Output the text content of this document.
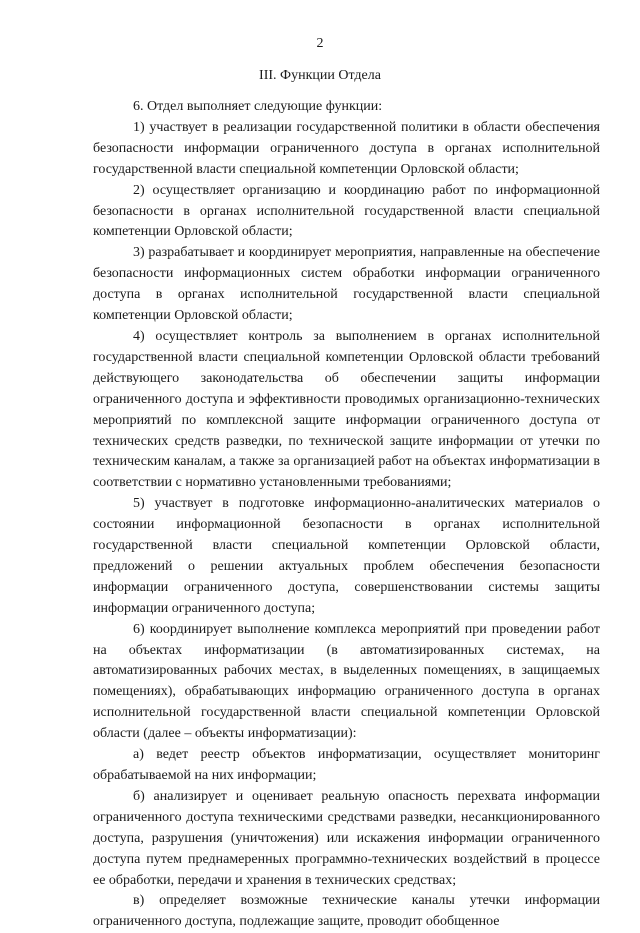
2
III. Функции Отдела

6. Отдел выполняет следующие функции:

1) участвует в реализации государственной политики в области обеспечения безопасности информации ограниченного доступа в органах исполнительной государственной власти специальной компетенции Орловской области;

2) осуществляет организацию и координацию работ по информационной безопасности в органах исполнительной государственной власти специальной компетенции Орловской области;

3) разрабатывает и координирует мероприятия, направленные на обеспечение безопасности информационных систем обработки информации ограниченного доступа в органах исполнительной государственной власти специальной компетенции Орловской области;

4) осуществляет контроль за выполнением в органах исполнительной государственной власти специальной компетенции Орловской области требований действующего законодательства об обеспечении защиты информации ограниченного доступа и эффективности проводимых организационно-технических мероприятий по комплексной защите информации ограниченного доступа от технических средств разведки, по технической защите информации от утечки по техническим каналам, а также за организацией работ на объектах информатизации в соответствии с нормативно установленными требованиями;

5) участвует в подготовке информационно-аналитических материалов о состоянии информационной безопасности в органах исполнительной государственной власти специальной компетенции Орловской области, предложений о решении актуальных проблем обеспечения безопасности информации ограниченного доступа, совершенствовании системы защиты информации ограниченного доступа;

6) координирует выполнение комплекса мероприятий при проведении работ на объектах информатизации (в автоматизированных системах, на автоматизированных рабочих местах, в выделенных помещениях, в защищаемых помещениях), обрабатывающих информацию ограниченного доступа в органах исполнительной государственной власти специальной компетенции Орловской области (далее – объекты информатизации):

а) ведет реестр объектов информатизации, осуществляет мониторинг обрабатываемой на них информации;

б) анализирует и оценивает реальную опасность перехвата информации ограниченного доступа техническими средствами разведки, несанкционированного доступа, разрушения (уничтожения) или искажения информации ограниченного доступа путем преднамеренных программно-технических воздействий в процессе ее обработки, передачи и хранения в технических средствах;

в) определяет возможные технические каналы утечки информации ограниченного доступа, подлежащие защите, проводит обобщенное
